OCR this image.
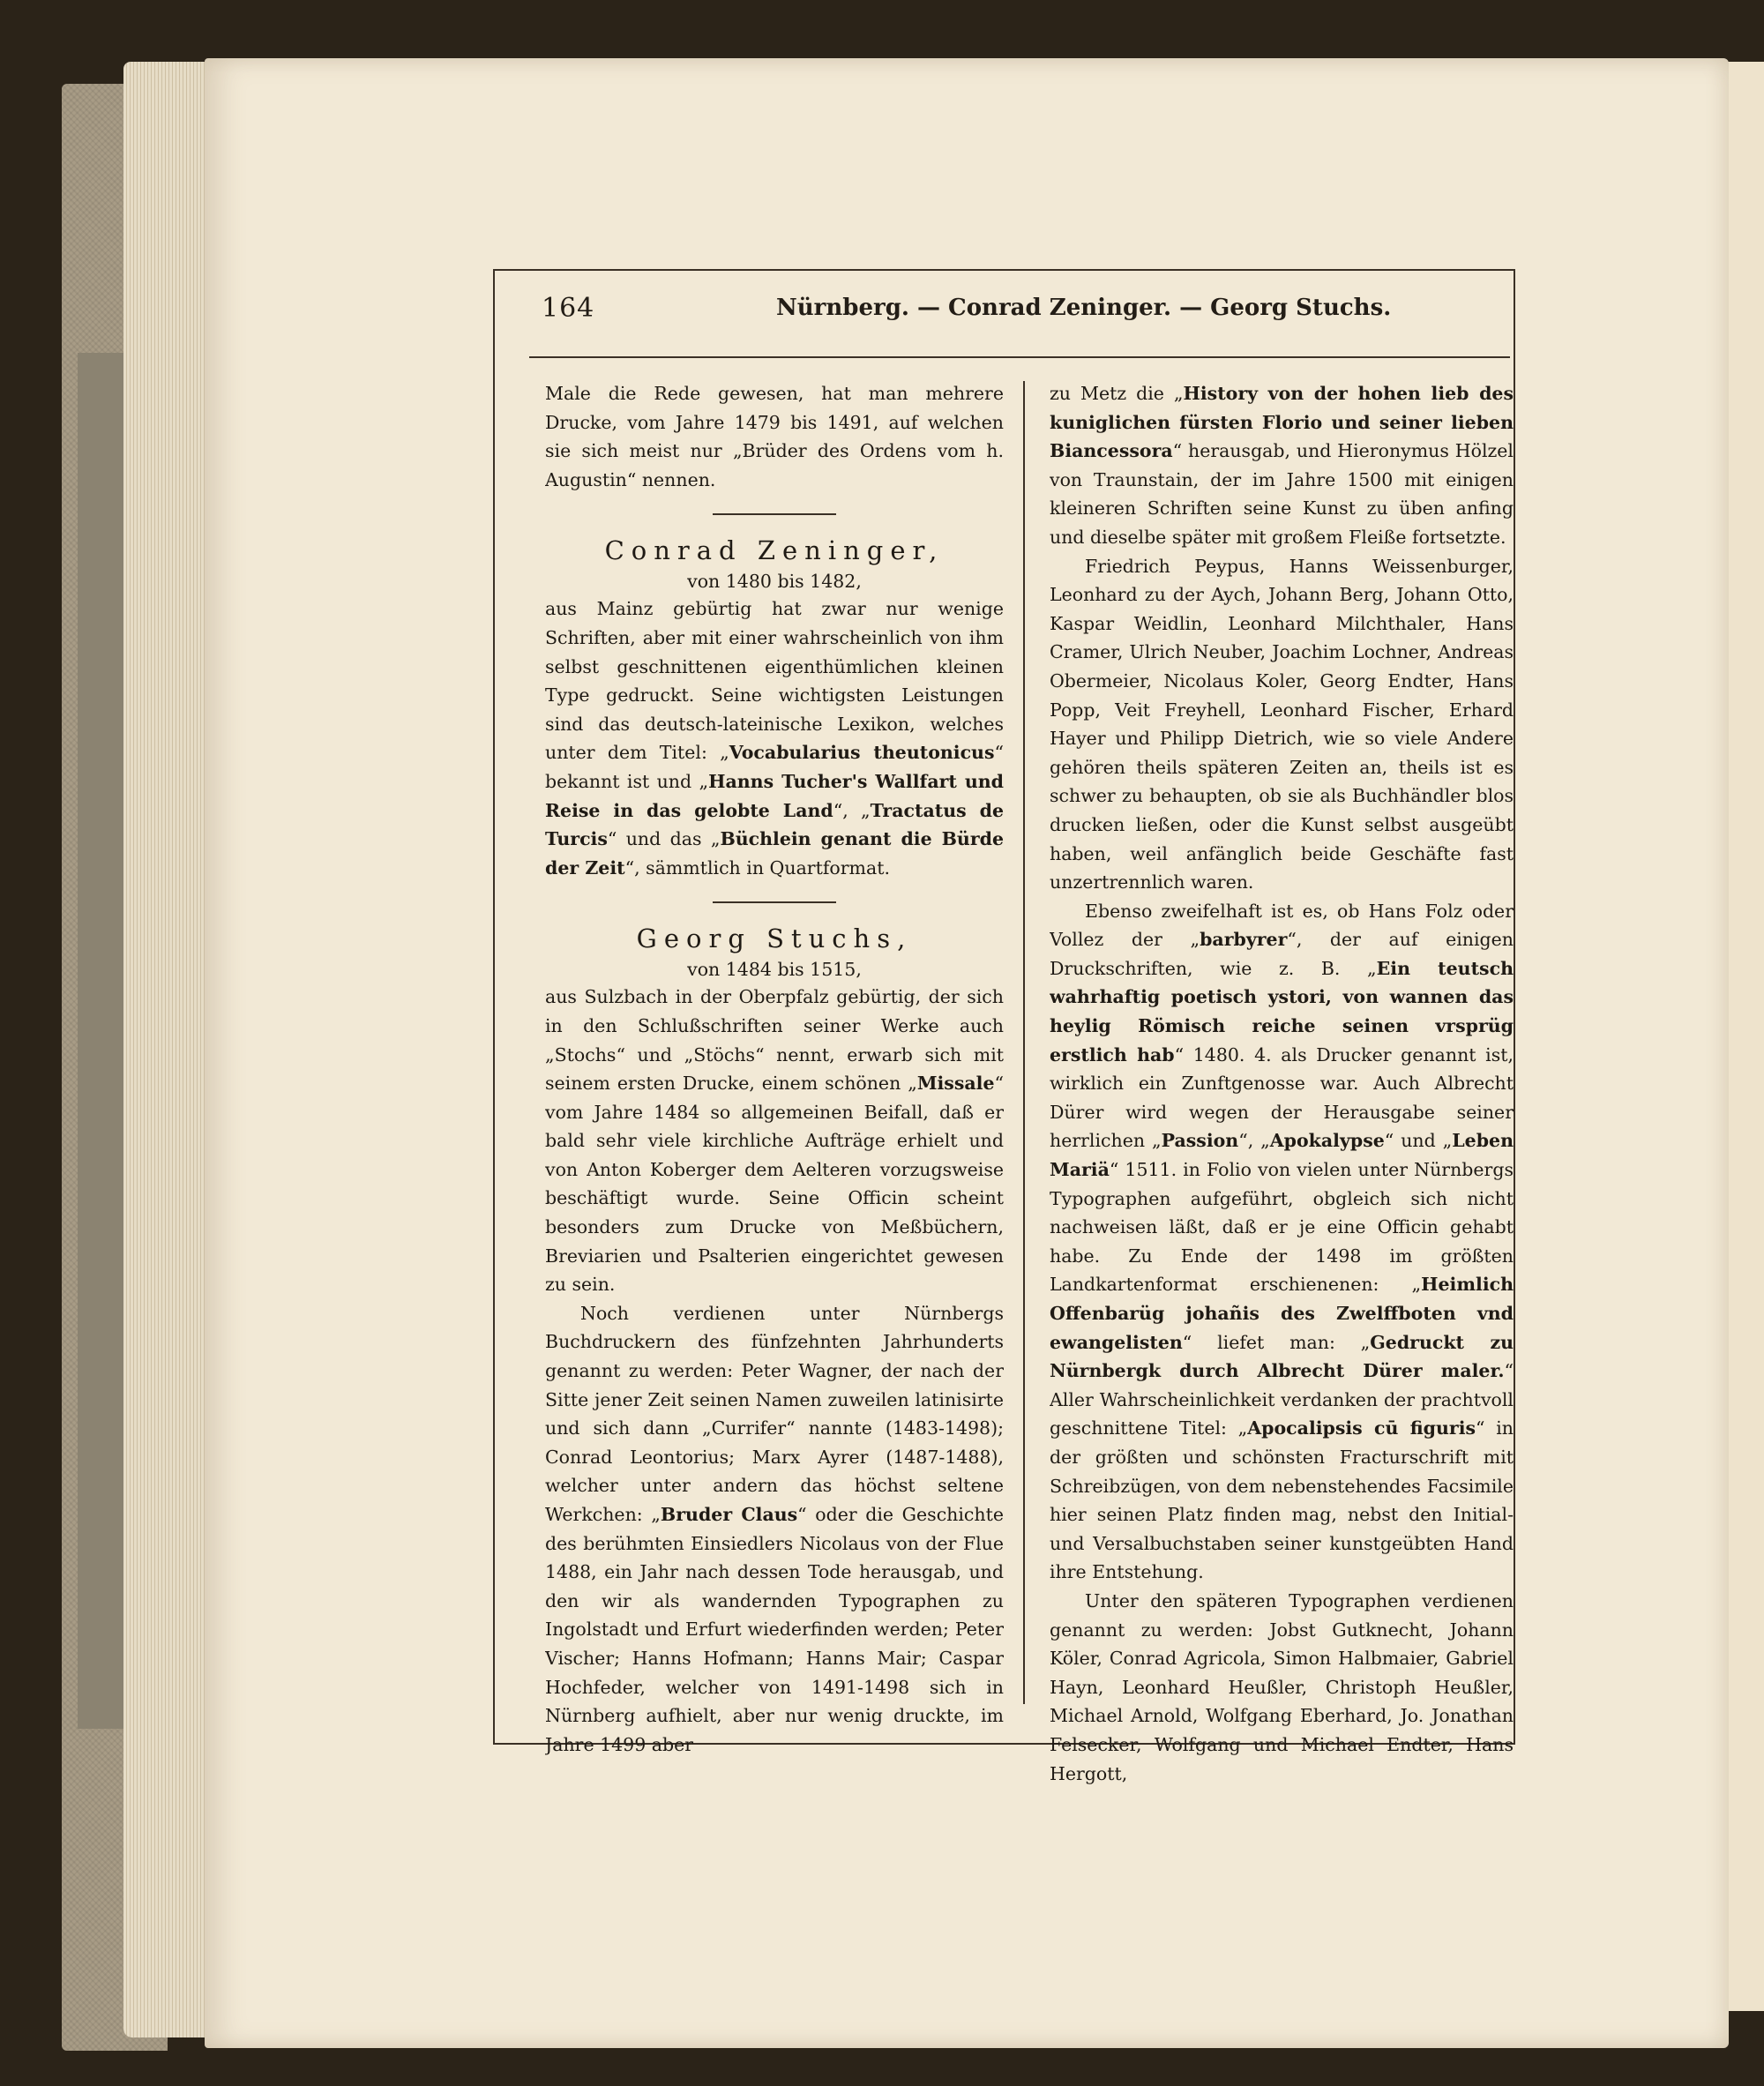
164	Nürnberg. — Conrad Zeninger. — Georg Stuchs.

Male die Rede gewesen, hat man mehrere Drucke, vom Jahre 1479 bis 1491, auf welchen sie sich meist nur „Brüder des Ordens vom h. Augustin“ nennen.

Conrad Zeninger,
von 1480 bis 1482,

aus Mainz gebürtig hat zwar nur wenige Schriften, aber mit einer wahrscheinlich von ihm selbst geschnittenen eigenthümlichen kleinen Type gedruckt. Seine wichtigsten Leistungen sind das deutsch-lateinische Lexikon, welches unter dem Titel: „Vocabularius theutonicus“ bekannt ist und „Hanns Tucher's Wallfart und Reise in das gelobte Land“, „Tractatus de Turcis“ und das „Büchlein genant die Bürde der Zeit“, sämmtlich in Quartformat.

Georg Stuchs,
von 1484 bis 1515,

aus Sulzbach in der Oberpfalz gebürtig, der sich in den Schlußschriften seiner Werke auch „Stochs“ und „Stöchs“ nennt, erwarb sich mit seinem ersten Drucke, einem schönen „Missale“ vom Jahre 1484 so allgemeinen Beifall, daß er bald sehr viele kirchliche Aufträge erhielt und von Anton Koberger dem Aelteren vorzugsweise beschäftigt wurde. Seine Officin scheint besonders zum Drucke von Meßbüchern, Breviarien und Psalterien eingerichtet gewesen zu sein.

Noch verdienen unter Nürnbergs Buchdruckern des fünfzehnten Jahrhunderts genannt zu werden: Peter Wagner, der nach der Sitte jener Zeit seinen Namen zuweilen latinisirte und sich dann „Currifer“ nannte (1483-1498); Conrad Leontorius; Marx Ayrer (1487-1488), welcher unter andern das höchst seltene Werkchen: „Bruder Claus“ oder die Geschichte des berühmten Einsiedlers Nicolaus von der Flue 1488, ein Jahr nach dessen Tode herausgab, und den wir als wandernden Typographen zu Ingolstadt und Erfurt wiederfinden werden; Peter Vischer; Hanns Hofmann; Hanns Mair; Caspar Hochfeder, welcher von 1491-1498 sich in Nürnberg aufhielt, aber nur wenig druckte, im Jahre 1499 aber

zu Metz die „History von der hohen lieb des kuniglichen fürsten Florio und seiner lieben Biancessora“ herausgab, und Hieronymus Hölzel von Traunstain, der im Jahre 1500 mit einigen kleineren Schriften seine Kunst zu üben anfing und dieselbe später mit großem Fleiße fortsetzte.

Friedrich Peypus, Hanns Weissenburger, Leonhard zu der Aych, Johann Berg, Johann Otto, Kaspar Weidlin, Leonhard Milchthaler, Hans Cramer, Ulrich Neuber, Joachim Lochner, Andreas Obermeier, Nicolaus Koler, Georg Endter, Hans Popp, Veit Freyhell, Leonhard Fischer, Erhard Hayer und Philipp Dietrich, wie so viele Andere gehören theils späteren Zeiten an, theils ist es schwer zu behaupten, ob sie als Buchhändler blos drucken ließen, oder die Kunst selbst ausgeübt haben, weil anfänglich beide Geschäfte fast unzertrennlich waren.

Ebenso zweifelhaft ist es, ob Hans Folz oder Vollez der „barbyrer“, der auf einigen Druckschriften, wie z. B. „Ein teutsch wahrhaftig poetisch ystori, von wannen das heylig Römisch reiche seinen vrsprüg erstlich hab“ 1480. 4. als Drucker genannt ist, wirklich ein Zunftgenosse war. Auch Albrecht Dürer wird wegen der Herausgabe seiner herrlichen „Passion“, „Apokalypse“ und „Leben Mariä“ 1511. in Folio von vielen unter Nürnbergs Typographen aufgeführt, obgleich sich nicht nachweisen läßt, daß er je eine Officin gehabt habe. Zu Ende der 1498 im größten Landkartenformat erschienenen: „Heimlich Offenbarüg johañis des Zwelffboten vnd ewangelisten“ liefet man: „Gedruckt zu Nürnbergk durch Albrecht Dürer maler.“ Aller Wahrscheinlichkeit verdanken der prachtvoll geschnittene Titel: „Apocalipsis cū figuris“ in der größten und schönsten Fracturschrift mit Schreibzügen, von dem nebenstehendes Facsimile hier seinen Platz finden mag, nebst den Initial- und Versalbuchstaben seiner kunstgeübten Hand ihre Entstehung.

Unter den späteren Typographen verdienen genannt zu werden: Jobst Gutknecht, Johann Köler, Conrad Agricola, Simon Halbmaier, Gabriel Hayn, Leonhard Heußler, Christoph Heußler, Michael Arnold, Wolfgang Eberhard, Jo. Jonathan Felsecker, Wolfgang und Michael Endter, Hans Hergott,
